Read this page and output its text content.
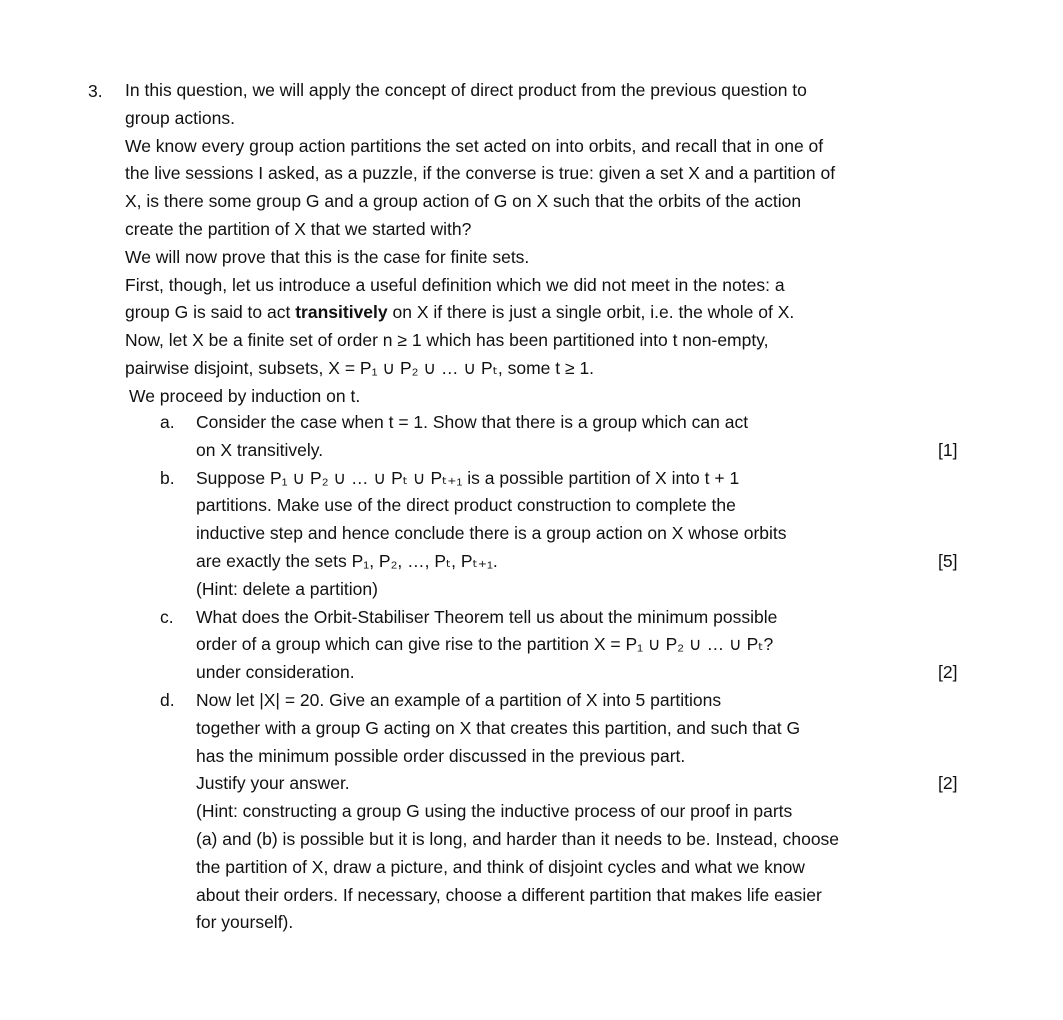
3. In this question, we will apply the concept of direct product from the previous question to
group actions.
We know every group action partitions the set acted on into orbits, and recall that in one of
the live sessions I asked, as a puzzle, if the converse is true: given a set X and a partition of
X, is there some group G and a group action of G on X such that the orbits of the action
create the partition of X that we started with?
We will now prove that this is the case for finite sets.
First, though, let us introduce a useful definition which we did not meet in the notes: a
group G is said to act transitively on X if there is just a single orbit, i.e. the whole of X.
Now, let X be a finite set of order n ≥ 1 which has been partitioned into t non-empty,
pairwise disjoint, subsets, X = P₁ ∪ P₂ ∪ … ∪ Pₜ, some t ≥ 1.
We proceed by induction on t.
a.	Consider the case when t = 1. Show that there is a group which can act
on X transitively.	[1]
b.	Suppose P₁ ∪ P₂ ∪ … ∪ Pₜ ∪ Pₜ₊₁ is a possible partition of X into t + 1
partitions. Make use of the direct product construction to complete the
inductive step and hence conclude there is a group action on X whose orbits
are exactly the sets P₁, P₂, …, Pₜ, Pₜ₊₁.	[5]
(Hint: delete a partition)
c.	What does the Orbit-Stabiliser Theorem tell us about the minimum possible
order of a group which can give rise to the partition X = P₁ ∪ P₂ ∪ … ∪ Pₜ?
under consideration.	[2]
d.	Now let |X| = 20. Give an example of a partition of X into 5 partitions
together with a group G acting on X that creates this partition, and such that G
has the minimum possible order discussed in the previous part.
Justify your answer.	[2]
(Hint: constructing a group G using the inductive process of our proof in parts
(a) and (b) is possible but it is long, and harder than it needs to be. Instead, choose
the partition of X, draw a picture, and think of disjoint cycles and what we know
about their orders. If necessary, choose a different partition that makes life easier
for yourself).
